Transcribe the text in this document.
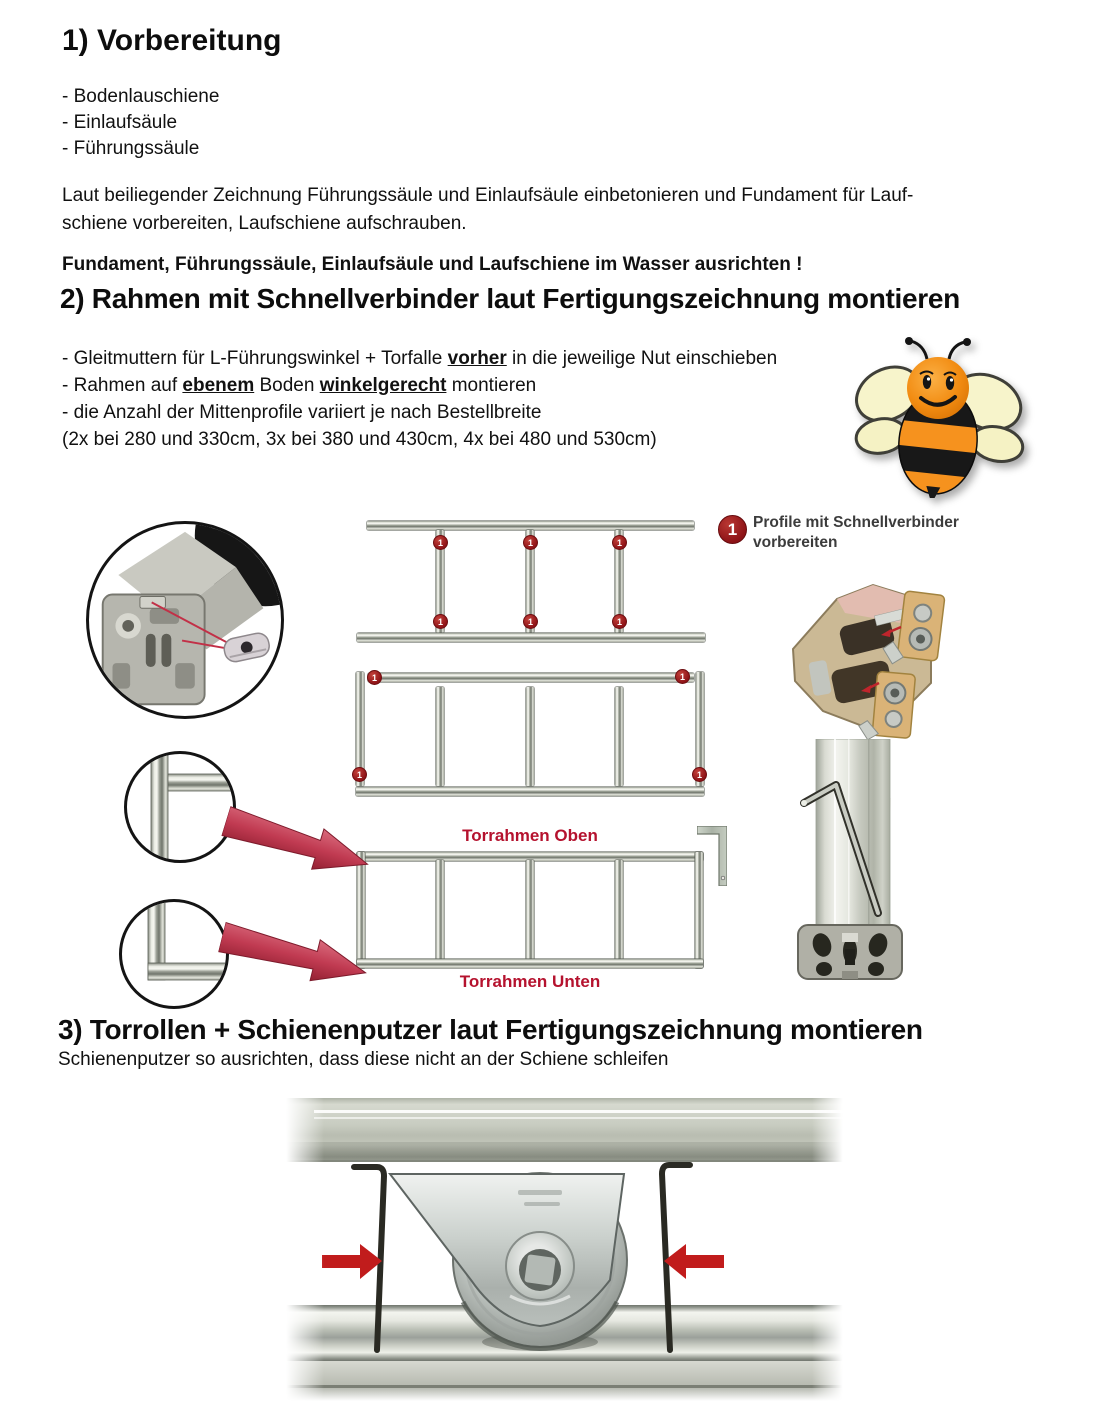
1) Vorbereitung
- Bodenlauschiene
- Einlaufsäule
- Führungssäule
Laut beiliegender Zeichnung Führungssäule und Einlaufsäule einbetonieren und Fundament für Lauf-
schiene vorbereiten, Laufschiene aufschrauben.
Fundament, Führungssäule, Einlaufsäule und Laufschiene im Wasser ausrichten !
2) Rahmen mit Schnellverbinder laut Fertigungszeichnung montieren
- Gleitmuttern für L-Führungswinkel + Torfalle vorher in die jeweilige Nut einschieben
- Rahmen auf ebenem Boden winkelgerecht montieren
- die Anzahl der Mittenprofile variiert je nach Bestellbreite
(2x bei 280 und 330cm, 3x bei 380 und 430cm, 4x bei 480 und 530cm)
1	Profile mit Schnellverbinder
vorbereiten
1	1	1
1	1	1
1	1
1	1
Torrahmen Oben
Torrahmen Unten
3) Torrollen + Schienenputzer laut Fertigungszeichnung montieren
Schienenputzer so ausrichten, dass diese nicht an der Schiene schleifen
